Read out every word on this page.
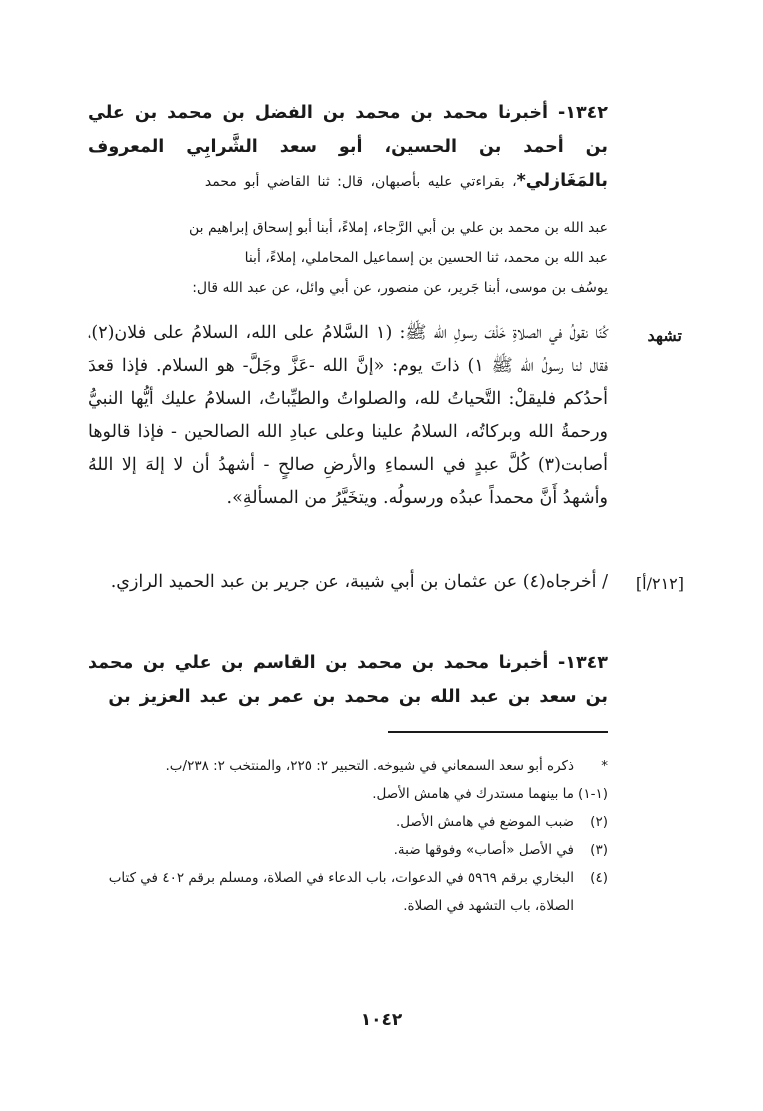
١٣٤٢- أخبرنا محمد بن محمد بن الفضل بن محمد بن علي بن أحمد بن الحسين، أبو سعد الشَّرابِي المعروف بالمَغَازلي*، بقراءتي عليه بأصبهان، قال: ثنا القاضي أبو محمد
عبد الله بن محمد بن علي بن أبي الرَّجاء، إملاءً، أبنا أبو إسحاق إبراهيم بن
عبد الله بن محمد، ثنا الحسين بن إسماعيل المحاملي، إملاءً، أبنا
يوسُف بن موسى، أبنا جَرير، عن منصور، عن أبي وائل، عن عبد الله قال:
تشهد
كُنّا نقولُ في الصلاةِ خَلْفَ رسولِ الله ﷺ: (١ السَّلامُ على الله، السلامُ على فلان(٢)، فقال لنا رسولُ الله ﷺ ١) ذاتَ يوم: «إنَّ الله -عَزَّ وجَلَّ- هو السلام. فإذا قعدَ أحدُكم فليقلْ: التَّحياتُ لله، والصلواتُ والطيِّباتُ، السلامُ عليك أيُّها النبيُّ ورحمةُ الله وبركاتُه، السلامُ علينا وعلى عبادِ الله الصالحين - فإذا قالوها أصابت(٣) كُلَّ عبدٍ في السماءِ والأرضِ صالحٍ - أشهدُ أن لا إلهَ إلا اللهُ وأشهدُ أَنَّ محمداً عبدُه ورسولُه. ويتخَيَّرُ من المسألةِ».
[٢١٢/أ]
/ أخرجاه(٤) عن عثمان بن أبي شيبة، عن جرير بن عبد الحميد الرازي.
١٣٤٣- أخبرنا محمد بن محمد بن القاسم بن علي بن محمد بن سعد بن عبد الله بن محمد بن عمر بن عبد العزيز بن
*
ذكره أبو سعد السمعاني في شيوخه. التحبير ٢: ٢٢٥، والمنتخب ٢: ٢٣٨/ب.
(١-١)
ما بينهما مستدرك في هامش الأصل.
(٢)
ضبب الموضع في هامش الأصل.
(٣)
في الأصل «أصاب» وفوقها ضبة.
(٤)
البخاري برقم ٥٩٦٩ في الدعوات، باب الدعاء في الصلاة، ومسلم برقم ٤٠٢ في كتاب الصلاة، باب التشهد في الصلاة.
١٠٤٢
